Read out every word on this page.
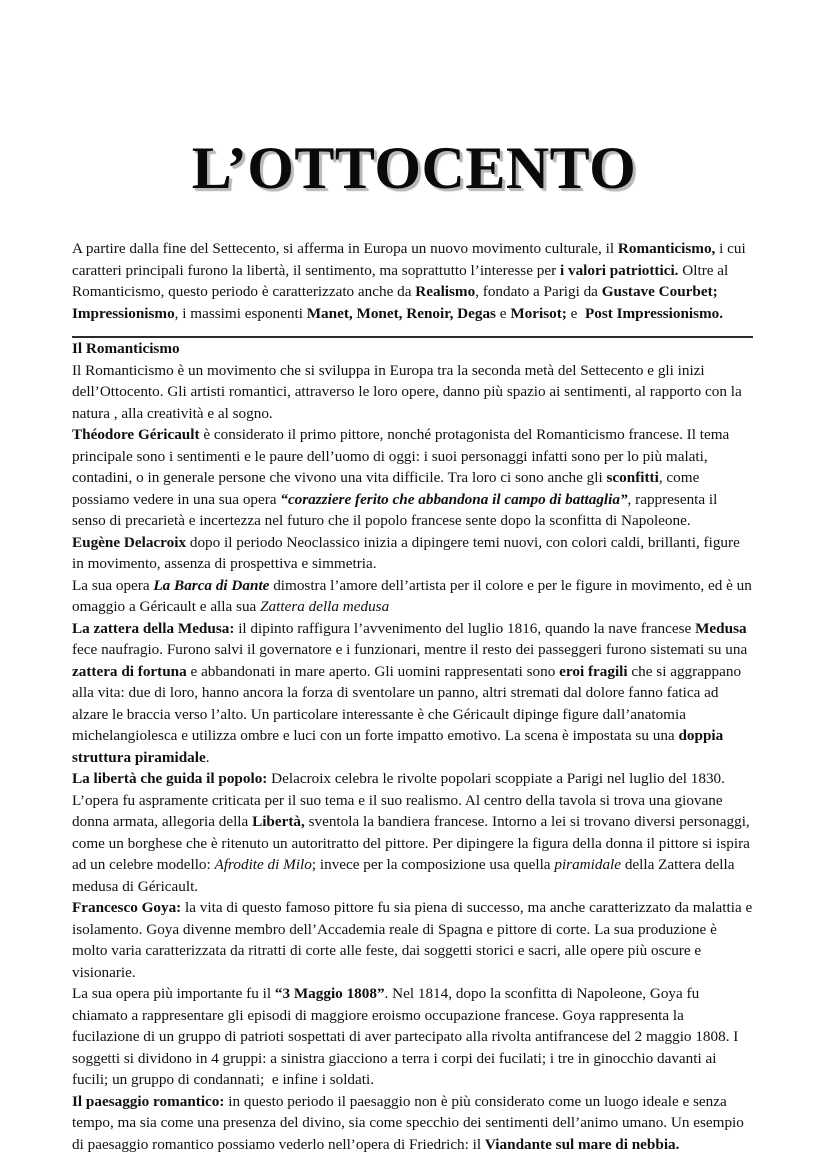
L’OTTOCENTO

A partire dalla fine del Settecento, si afferma in Europa un nuovo movimento culturale, il Romanticismo, i cui caratteri principali furono la libertà, il sentimento, ma soprattutto l’interesse per i valori patriottici. Oltre al Romanticismo, questo periodo è caratterizzato anche da Realismo, fondato a Parigi da Gustave Courbet; Impressionismo, i massimi esponenti Manet, Monet, Renoir, Degas e Morisot; e  Post Impressionismo.

Il Romanticismo

Il Romanticismo è un movimento che si sviluppa in Europa tra la seconda metà del Settecento e gli inizi dell’Ottocento. Gli artisti romantici, attraverso le loro opere, danno più spazio ai sentimenti, al rapporto con la natura , alla creatività e al sogno.

Théodore Géricault è considerato il primo pittore, nonché protagonista del Romanticismo francese. Il tema principale sono i sentimenti e le paure dell’uomo di oggi: i suoi personaggi infatti sono per lo più malati, contadini, o in generale persone che vivono una vita difficile. Tra loro ci sono anche gli sconfitti, come possiamo vedere in una sua opera “corazziere ferito che abbandona il campo di battaglia”, rappresenta il senso di precarietà e incertezza nel futuro che il popolo francese sente dopo la sconfitta di Napoleone.

Eugène Delacroix dopo il periodo Neoclassico inizia a dipingere temi nuovi, con colori caldi, brillanti, figure in movimento, assenza di prospettiva e simmetria.
La sua opera La Barca di Dante dimostra l’amore dell’artista per il colore e per le figure in movimento, ed è un omaggio a Géricault e alla sua Zattera della medusa

La zattera della Medusa: il dipinto raffigura l’avvenimento del luglio 1816, quando la nave francese Medusa fece naufragio. Furono salvi il governatore e i funzionari, mentre il resto dei passeggeri furono sistemati su una zattera di fortuna e abbandonati in mare aperto. Gli uomini rappresentati sono eroi fragili che si aggrappano alla vita: due di loro, hanno ancora la forza di sventolare un panno, altri stremati dal dolore fanno fatica ad alzare le braccia verso l’alto. Un particolare interessante è che Géricault dipinge figure dall’anatomia michelangiolesca e utilizza ombre e luci con un forte impatto emotivo. La scena è impostata su una doppia struttura piramidale.

La libertà che guida il popolo: Delacroix celebra le rivolte popolari scoppiate a Parigi nel luglio del 1830. L’opera fu aspramente criticata per il suo tema e il suo realismo. Al centro della tavola si trova una giovane donna armata, allegoria della Libertà, sventola la bandiera francese. Intorno a lei si trovano diversi personaggi, come un borghese che è ritenuto un autoritratto del pittore. Per dipingere la figura della donna il pittore si ispira ad un celebre modello: Afrodite di Milo; invece per la composizione usa quella piramidale della Zattera della medusa di Géricault.

Francesco Goya: la vita di questo famoso pittore fu sia piena di successo, ma anche caratterizzato da malattia e isolamento. Goya divenne membro dell’Accademia reale di Spagna e pittore di corte. La sua produzione è molto varia caratterizzata da ritratti di corte alle feste, dai soggetti storici e sacri, alle opere più oscure e visionarie.
La sua opera più importante fu il “3 Maggio 1808”. Nel 1814, dopo la sconfitta di Napoleone, Goya fu chiamato a rappresentare gli episodi di maggiore eroismo occupazione francese. Goya rappresenta la fucilazione di un gruppo di patrioti sospettati di aver partecipato alla rivolta antifrancese del 2 maggio 1808. I soggetti si dividono in 4 gruppi: a sinistra giacciono a terra i corpi dei fucilati; i tre in ginocchio davanti ai fucili; un gruppo di condannati;  e infine i soldati.

Il paesaggio romantico: in questo periodo il paesaggio non è più considerato come un luogo ideale e senza tempo, ma sia come una presenza del divino, sia come specchio dei sentimenti dell’animo umano. Un esempio di paesaggio romantico possiamo vederlo nell’opera di Friedrich: il Viandante sul mare di nebbia.
